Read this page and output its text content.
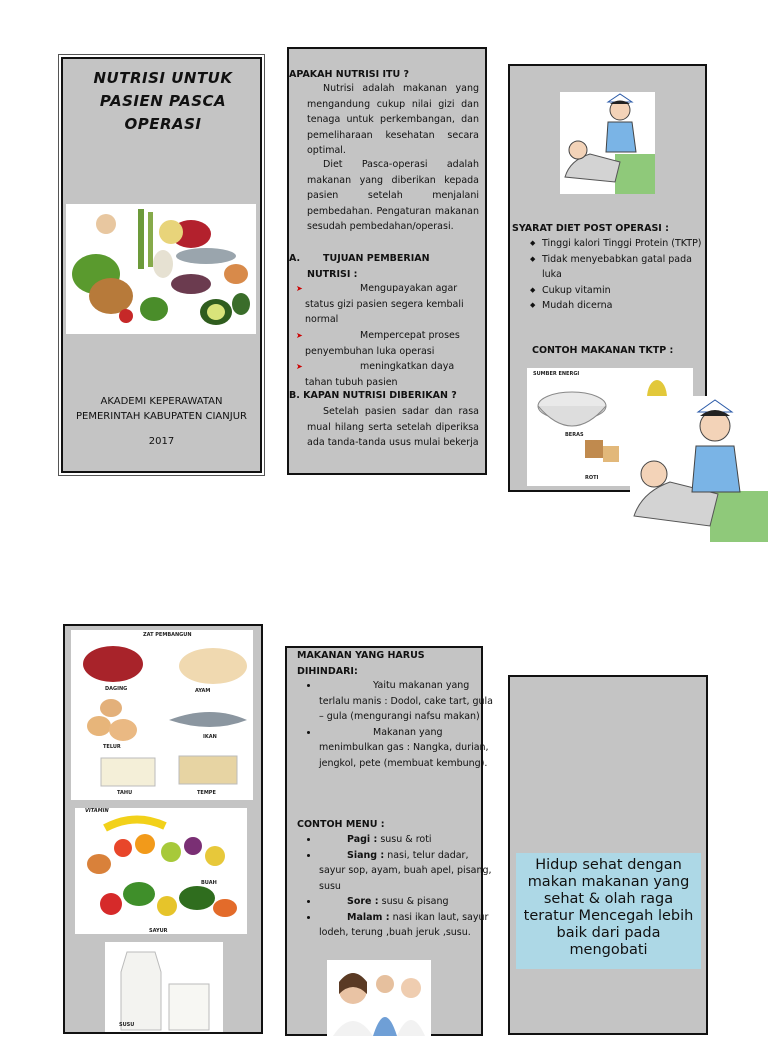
NUTRISI UNTUK PASIEN PASCA OPERASI
AKADEMI KEPERAWATAN
PEMERINTAH KABUPATEN CIANJUR
2017
APAKAH NUTRISI ITU ?
Nutrisi adalah makanan yang mengandung cukup nilai gizi dan tenaga untuk perkembangan, dan pemeliharaan kesehatan secara optimal.
Diet Pasca-operasi adalah makanan yang diberikan kepada pasien setelah menjalani pembedahan. Pengaturan makanan sesudah pembedahan/operasi.
A.	TUJUAN PEMBERIAN NUTRISI :
➤	Mengupayakan agar status gizi pasien segera kembali normal
➤	Mempercepat proses penyembuhan luka operasi
➤	meningkatkan daya tahan tubuh pasien
B. KAPAN NUTRISI DIBERIKAN ?
Setelah pasien sadar dan rasa mual hilang serta setelah diperiksa ada tanda-tanda usus mulai bekerja
SYARAT DIET POST OPERASI :
◆ Tinggi kalori Tinggi Protein (TKTP)
◆ Tidak menyebabkan gatal pada luka
◆ Cukup vitamin
◆ Mudah dicerna
CONTOH MAKANAN TKTP :
SUMBER ENERGI
BERAS
ROTI
ZAT PEMBANGUN
DAGING	AYAM
TELUR
IKAN
TAHU	TEMPE
VITAMIN
BUAH
SAYUR
SUSU
MAKANAN YANG HARUS DIHINDARI:
• Yaitu makanan yang terlalu manis : Dodol, cake tart, gula – gula (mengurangi nafsu makan)
• Makanan yang menimbulkan gas : Nangka, durian, jengkol, pete (membuat kembung).
CONTOH MENU :
• Pagi : susu & roti
• Siang : nasi, telur dadar, sayur sop, ayam, buah apel, pisang, susu
• Sore : susu & pisang
• Malam : nasi ikan laut, sayur lodeh, terung ,buah jeruk ,susu.
Hidup sehat dengan makan makanan yang sehat & olah raga teratur Mencegah lebih baik dari pada mengobati
